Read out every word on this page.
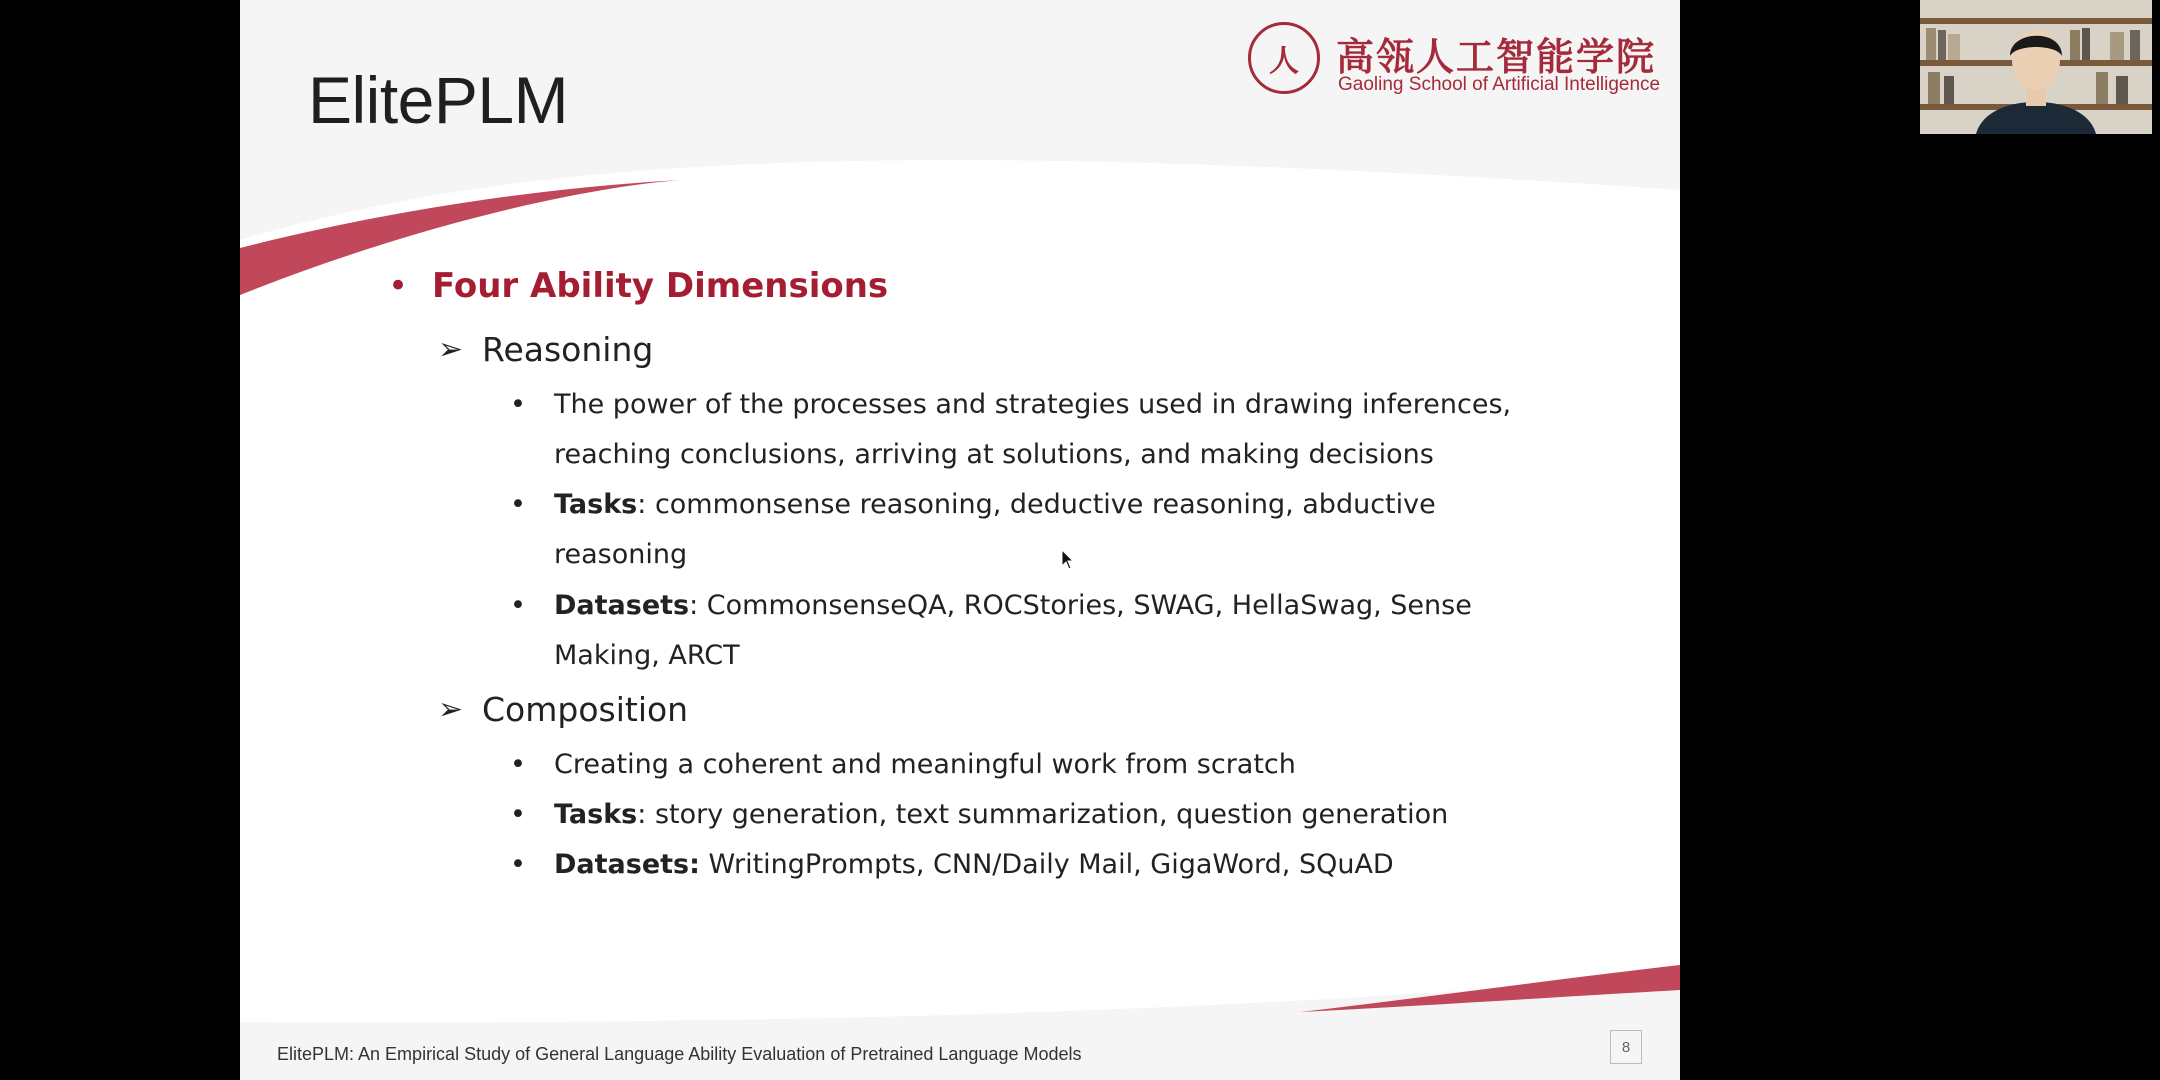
ElitePLM
人 高瓴人工智能学院
Gaoling School of Artificial Intelligence
• Four Ability Dimensions
➢ Reasoning
• The power of the processes and strategies used in drawing inferences, reaching conclusions, arriving at solutions, and making decisions
• Tasks: commonsense reasoning, deductive reasoning, abductive reasoning
• Datasets: CommonsenseQA, ROCStories, SWAG, HellaSwag, Sense Making, ARCT
➢ Composition
• Creating a coherent and meaningful work from scratch
• Tasks: story generation, text summarization, question generation
• Datasets: WritingPrompts, CNN/Daily Mail, GigaWord, SQuAD
ElitePLM: An Empirical Study of General Language Ability Evaluation of Pretrained Language Models	8
